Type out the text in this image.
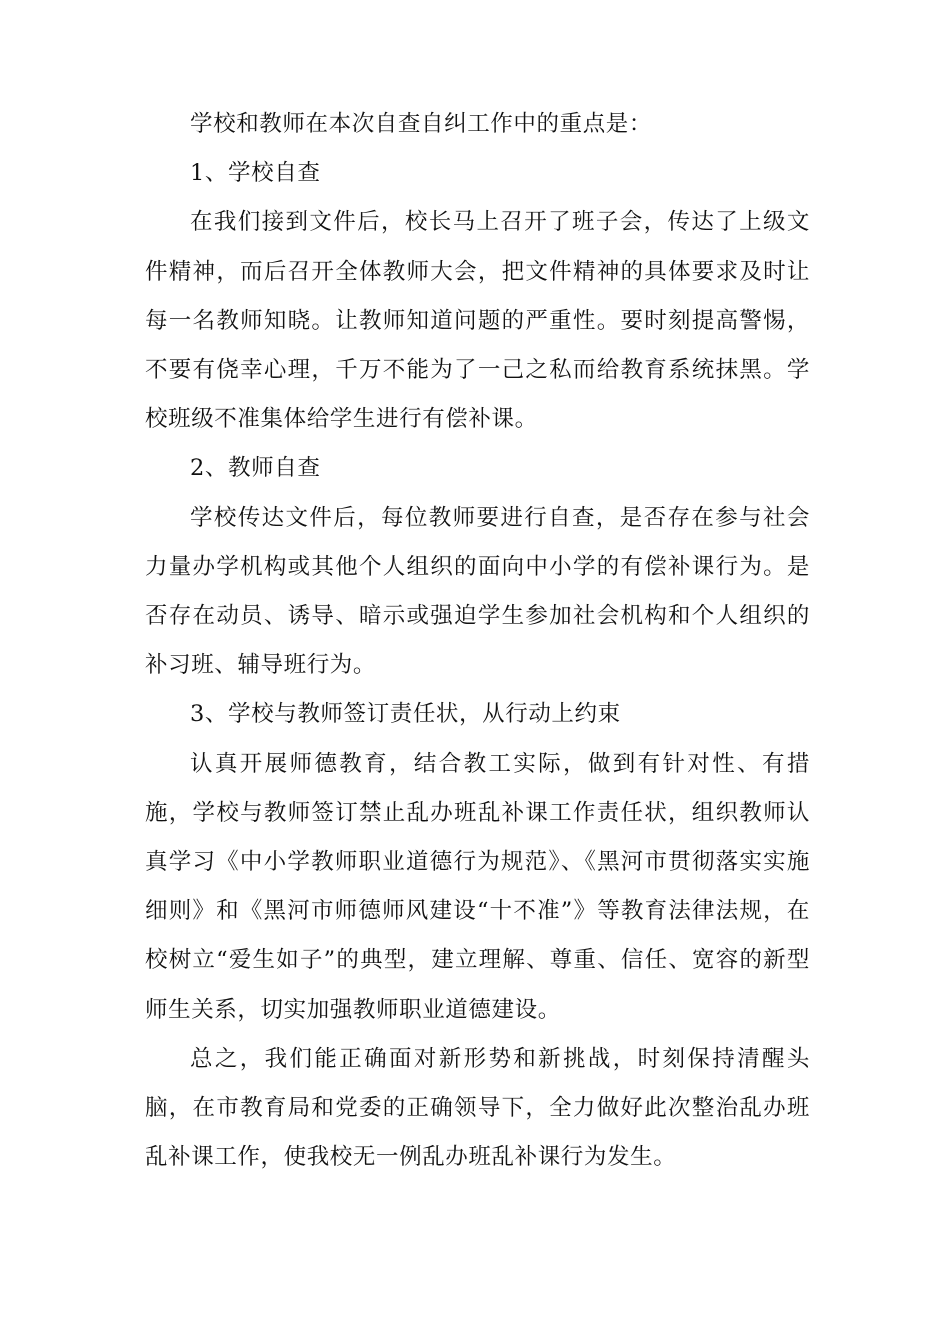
学校和教师在本次自查自纠工作中的重点是：

1、学校自查

在我们接到文件后，校长马上召开了班子会，传达了上级文件精神，而后召开全体教师大会，把文件精神的具体要求及时让每一名教师知晓。让教师知道问题的严重性。要时刻提高警惕，不要有侥幸心理，千万不能为了一己之私而给教育系统抹黑。学校班级不准集体给学生进行有偿补课。

2、教师自查

学校传达文件后，每位教师要进行自查，是否存在参与社会力量办学机构或其他个人组织的面向中小学的有偿补课行为。是否存在动员、诱导、暗示或强迫学生参加社会机构和个人组织的补习班、辅导班行为。

3、学校与教师签订责任状，从行动上约束

认真开展师德教育，结合教工实际，做到有针对性、有措施，学校与教师签订禁止乱办班乱补课工作责任状，组织教师认真学习《中小学教师职业道德行为规范》、《黑河市贯彻落实实施细则》和《黑河市师德师风建设“十不准”》等教育法律法规，在校树立“爱生如子”的典型，建立理解、尊重、信任、宽容的新型师生关系，切实加强教师职业道德建设。

总之，我们能正确面对新形势和新挑战，时刻保持清醒头脑，在市教育局和党委的正确领导下，全力做好此次整治乱办班乱补课工作，使我校无一例乱办班乱补课行为发生。
